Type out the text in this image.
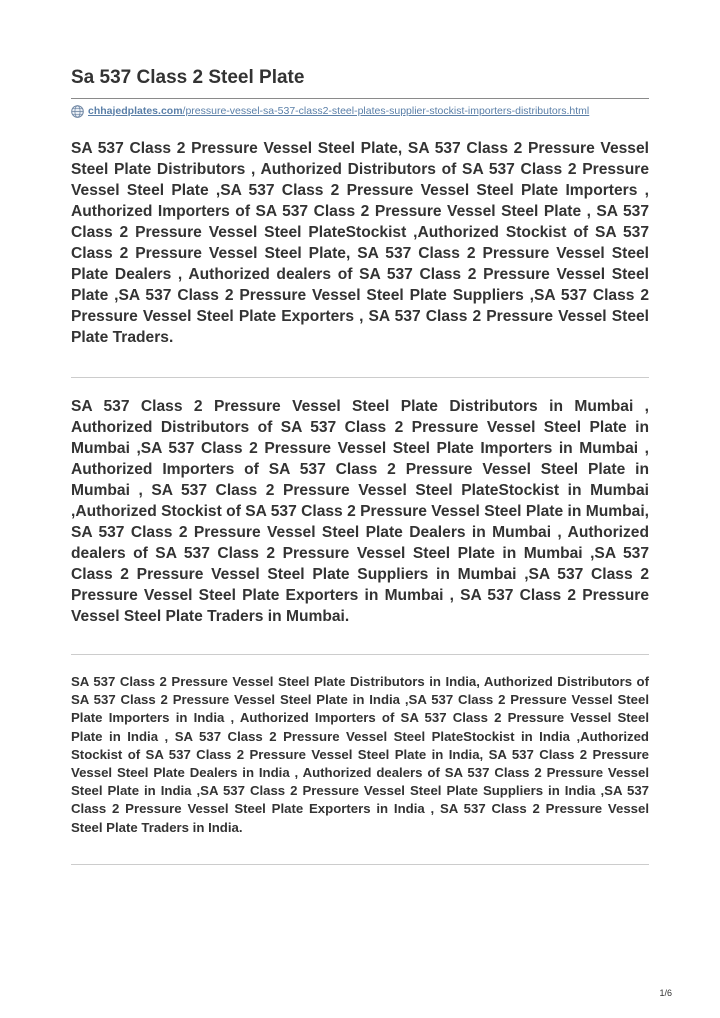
Sa 537 Class 2 Steel Plate
chhajedplates.com/pressure-vessel-sa-537-class2-steel-plates-supplier-stockist-importers-distributors.html

SA 537 Class 2 Pressure Vessel Steel Plate, SA 537 Class 2 Pressure Vessel Steel Plate Distributors , Authorized Distributors of SA 537 Class 2 Pressure Vessel Steel Plate ,SA 537 Class 2 Pressure Vessel Steel Plate Importers , Authorized Importers of SA 537 Class 2 Pressure Vessel Steel Plate , SA 537 Class 2 Pressure Vessel Steel PlateStockist ,Authorized Stockist of SA 537 Class 2 Pressure Vessel Steel Plate, SA 537 Class 2 Pressure Vessel Steel Plate Dealers , Authorized dealers of SA 537 Class 2 Pressure Vessel Steel Plate ,SA 537 Class 2 Pressure Vessel Steel Plate Suppliers ,SA 537 Class 2 Pressure Vessel Steel Plate Exporters , SA 537 Class 2 Pressure Vessel Steel Plate Traders.

SA 537 Class 2 Pressure Vessel Steel Plate Distributors in Mumbai , Authorized Distributors of SA 537 Class 2 Pressure Vessel Steel Plate in Mumbai ,SA 537 Class 2 Pressure Vessel Steel Plate Importers in Mumbai , Authorized Importers of SA 537 Class 2 Pressure Vessel Steel Plate in Mumbai , SA 537 Class 2 Pressure Vessel Steel PlateStockist in Mumbai ,Authorized Stockist of SA 537 Class 2 Pressure Vessel Steel Plate in Mumbai, SA 537 Class 2 Pressure Vessel Steel Plate Dealers in Mumbai , Authorized dealers of SA 537 Class 2 Pressure Vessel Steel Plate in Mumbai ,SA 537 Class 2 Pressure Vessel Steel Plate Suppliers in Mumbai ,SA 537 Class 2 Pressure Vessel Steel Plate Exporters in Mumbai , SA 537 Class 2 Pressure Vessel Steel Plate Traders in Mumbai.

SA 537 Class 2 Pressure Vessel Steel Plate Distributors in India, Authorized Distributors of SA 537 Class 2 Pressure Vessel Steel Plate in India ,SA 537 Class 2 Pressure Vessel Steel Plate Importers in India , Authorized Importers of SA 537 Class 2 Pressure Vessel Steel Plate in India , SA 537 Class 2 Pressure Vessel Steel PlateStockist in India ,Authorized Stockist of SA 537 Class 2 Pressure Vessel Steel Plate in India, SA 537 Class 2 Pressure Vessel Steel Plate Dealers in India , Authorized dealers of SA 537 Class 2 Pressure Vessel Steel Plate in India ,SA 537 Class 2 Pressure Vessel Steel Plate Suppliers in India ,SA 537 Class 2 Pressure Vessel Steel Plate Exporters in India , SA 537 Class 2 Pressure Vessel Steel Plate Traders in India.

1/6
